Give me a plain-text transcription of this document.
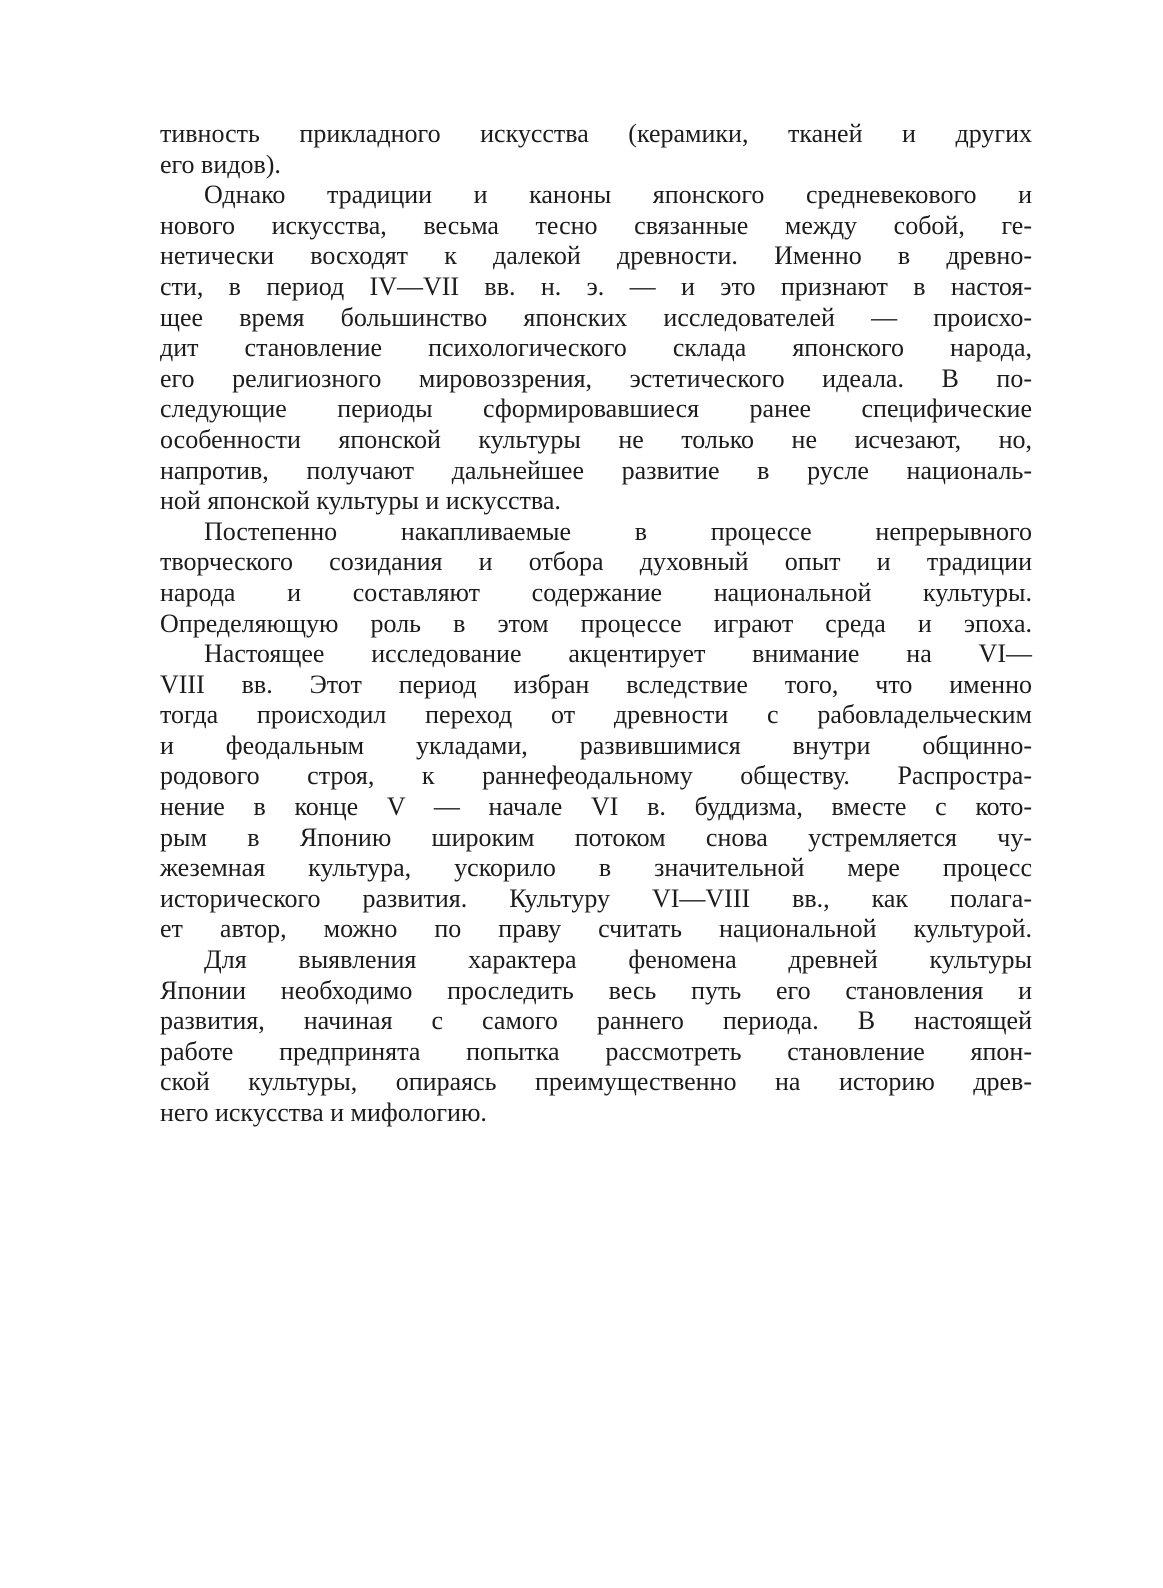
тивность прикладного искусства (керамики, тканей и других
его видов).
Однако традиции и каноны японского средневекового и
нового искусства, весьма тесно связанные между собой, ге-
нетически восходят к далекой древности. Именно в древно-
сти, в период IV—VII вв. н. э. — и это признают в настоя-
щее время большинство японских исследователей — происхо-
дит становление психологического склада японского народа,
его религиозного мировоззрения, эстетического идеала. В по-
следующие периоды сформировавшиеся ранее специфические
особенности японской культуры не только не исчезают, но,
напротив, получают дальнейшее развитие в русле националь-
ной японской культуры и искусства.
Постепенно накапливаемые в процессе непрерывного
творческого созидания и отбора духовный опыт и традиции
народа и составляют содержание национальной культуры.
Определяющую роль в этом процессе играют среда и эпоха.
Настоящее исследование акцентирует внимание на VI—
VIII вв. Этот период избран вследствие того, что именно
тогда происходил переход от древности с рабовладельческим
и феодальным укладами, развившимися внутри общинно-
родового строя, к раннефеодальному обществу. Распростра-
нение в конце V — начале VI в. буддизма, вместе с кото-
рым в Японию широким потоком снова устремляется чу-
жеземная культура, ускорило в значительной мере процесс
исторического развития. Культуру VI—VIII вв., как полага-
ет автор, можно по праву считать национальной культурой.
Для выявления характера феномена древней культуры
Японии необходимо проследить весь путь его становления и
развития, начиная с самого раннего периода. В настоящей
работе предпринята попытка рассмотреть становление япон-
ской культуры, опираясь преимущественно на историю древ-
него искусства и мифологию.
